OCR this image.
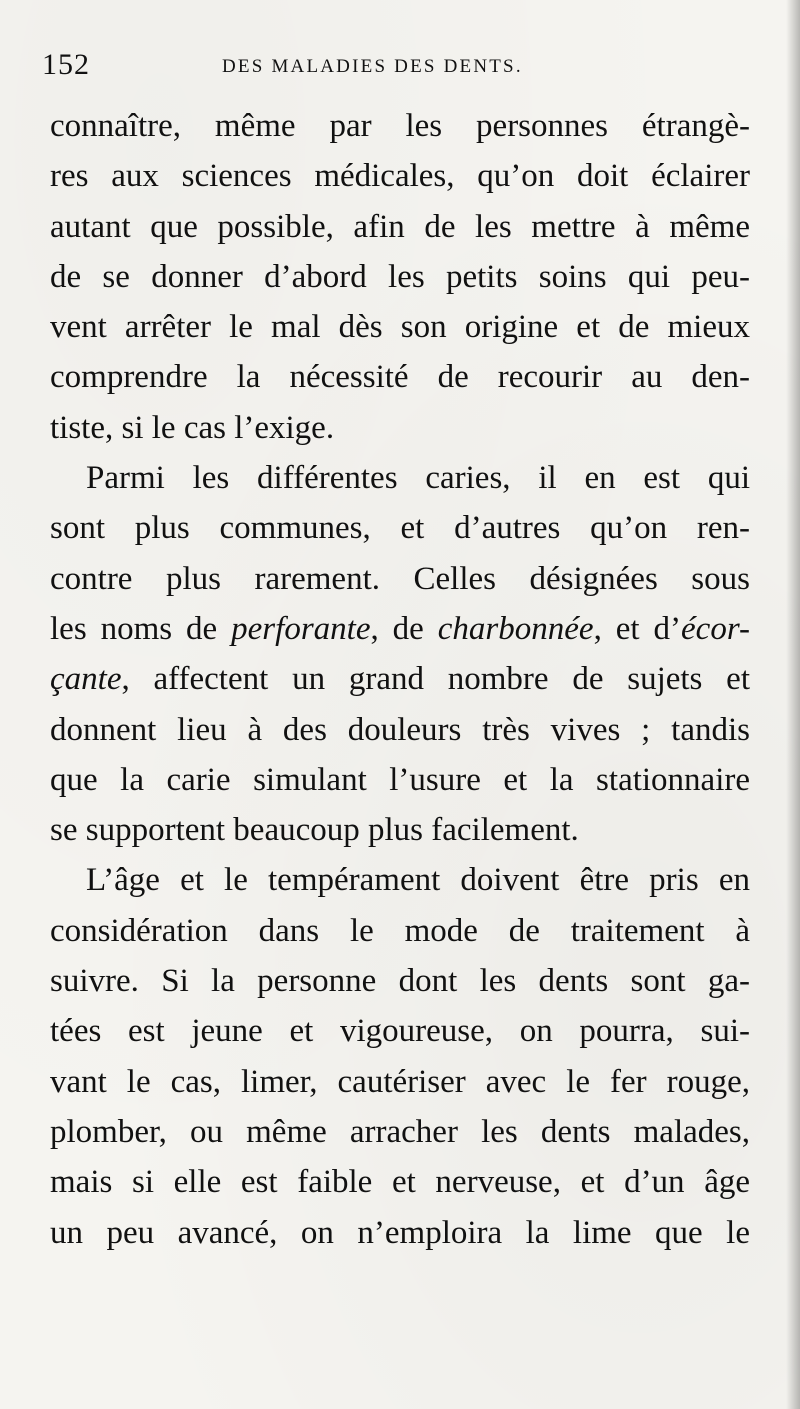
152	DES MALADIES DES DENTS.
connaître, même par les personnes étrangè-
res aux sciences médicales, qu’on doit éclairer
autant que possible, afin de les mettre à même
de se donner d’abord les petits soins qui peu-
vent arrêter le mal dès son origine et de mieux
comprendre la nécessité de recourir au den-
tiste, si le cas l’exige.
Parmi les différentes caries, il en est qui
sont plus communes, et d’autres qu’on ren-
contre plus rarement. Celles désignées sous
les noms de perforante, de charbonnée, et d’écor-
çante, affectent un grand nombre de sujets et
donnent lieu à des douleurs très vives ; tandis
que la carie simulant l’usure et la stationnaire
se supportent beaucoup plus facilement.
L’âge et le tempérament doivent être pris en
considération dans le mode de traitement à
suivre. Si la personne dont les dents sont ga-
tées est jeune et vigoureuse, on pourra, sui-
vant le cas, limer, cautériser avec le fer rouge,
plomber, ou même arracher les dents malades,
mais si elle est faible et nerveuse, et d’un âge
un peu avancé, on n’emploira la lime que le
